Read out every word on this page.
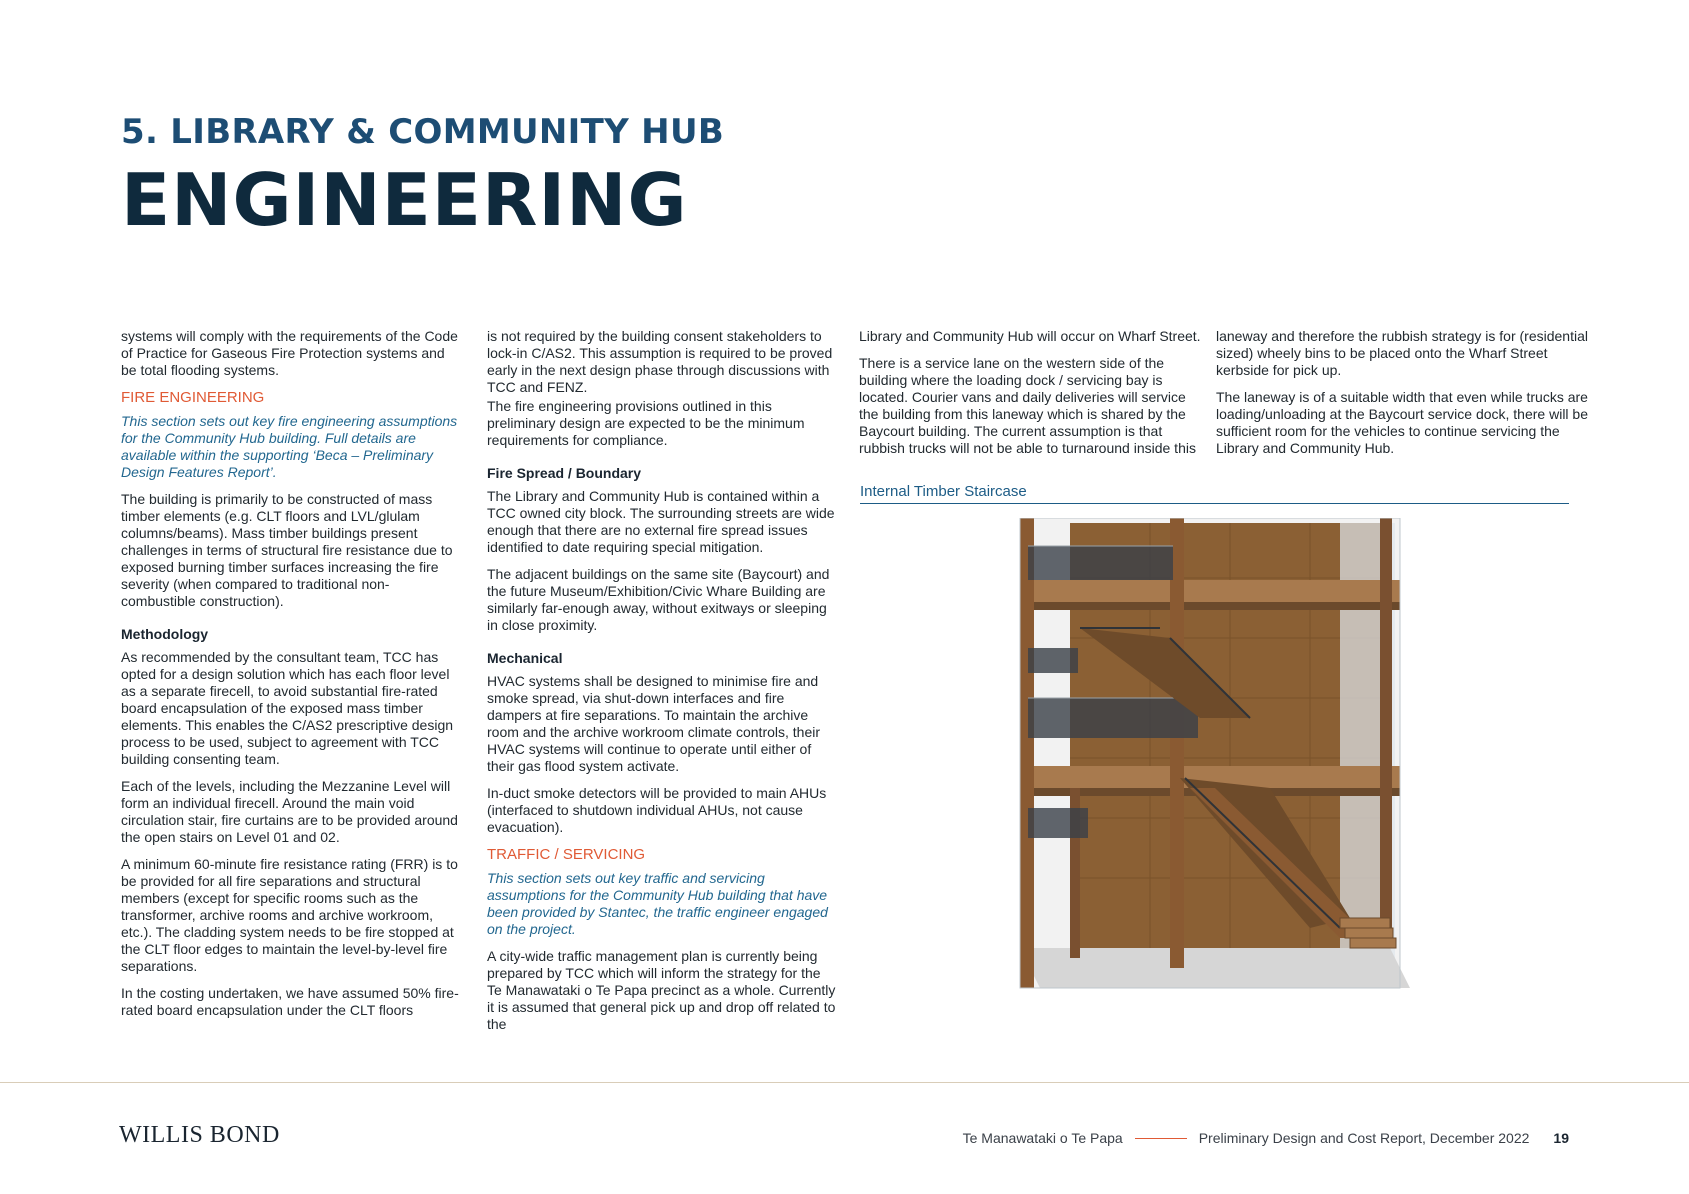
5. LIBRARY & COMMUNITY HUB
ENGINEERING

systems will comply with the requirements of the Code of Practice for Gaseous Fire Protection systems and be total flooding systems.

FIRE ENGINEERING

This section sets out key fire engineering assumptions for the Community Hub building. Full details are available within the supporting ‘Beca – Preliminary Design Features Report’.

The building is primarily to be constructed of mass timber elements (e.g. CLT floors and LVL/glulam columns/beams). Mass timber buildings present challenges in terms of structural fire resistance due to exposed burning timber surfaces increasing the fire severity (when compared to traditional non-combustible construction).

Methodology

As recommended by the consultant team, TCC has opted for a design solution which has each floor level as a separate firecell, to avoid substantial fire-rated board encapsulation of the exposed mass timber elements. This enables the C/AS2 prescriptive design process to be used, subject to agreement with TCC building consenting team.

Each of the levels, including the Mezzanine Level will form an individual firecell. Around the main void circulation stair, fire curtains are to be provided around the open stairs on Level 01 and 02.

A minimum 60-minute fire resistance rating (FRR) is to be provided for all fire separations and structural members (except for specific rooms such as the transformer, archive rooms and archive workroom, etc.). The cladding system needs to be fire stopped at the CLT floor edges to maintain the level-by-level fire separations.

In the costing undertaken, we have assumed 50% fire-rated board encapsulation under the CLT floors

is not required by the building consent stakeholders to lock-in C/AS2. This assumption is required to be proved early in the next design phase through discussions with TCC and FENZ.

The fire engineering provisions outlined in this preliminary design are expected to be the minimum requirements for compliance.

Fire Spread / Boundary

The Library and Community Hub is contained within a TCC owned city block. The surrounding streets are wide enough that there are no external fire spread issues identified to date requiring special mitigation.

The adjacent buildings on the same site (Baycourt) and the future Museum/Exhibition/Civic Whare Building are similarly far-enough away, without exitways or sleeping in close proximity.

Mechanical

HVAC systems shall be designed to minimise fire and smoke spread, via shut-down interfaces and fire dampers at fire separations. To maintain the archive room and the archive workroom climate controls, their HVAC systems will continue to operate until either of their gas flood system activate.

In-duct smoke detectors will be provided to main AHUs (interfaced to shutdown individual AHUs, not cause evacuation).

TRAFFIC / SERVICING

This section sets out key traffic and servicing assumptions for the Community Hub building that have been provided by Stantec, the traffic engineer engaged on the project.

A city-wide traffic management plan is currently being prepared by TCC which will inform the strategy for the Te Manawataki o Te Papa precinct as a whole. Currently it is assumed that general pick up and drop off related to the

Library and Community Hub will occur on Wharf Street.

There is a service lane on the western side of the building where the loading dock / servicing bay is located. Courier vans and daily deliveries will service the building from this laneway which is shared by the Baycourt building. The current assumption is that rubbish trucks will not be able to turnaround inside this

laneway and therefore the rubbish strategy is for (residential sized) wheely bins to be placed onto the Wharf Street kerbside for pick up.

The laneway is of a suitable width that even while trucks are loading/unloading at the Baycourt service dock, there will be sufficient room for the vehicles to continue servicing the Library and Community Hub.

Internal Timber Staircase
WILLIS BOND	Te Manawataki o Te Papa	Preliminary Design and Cost Report, December 2022 19
